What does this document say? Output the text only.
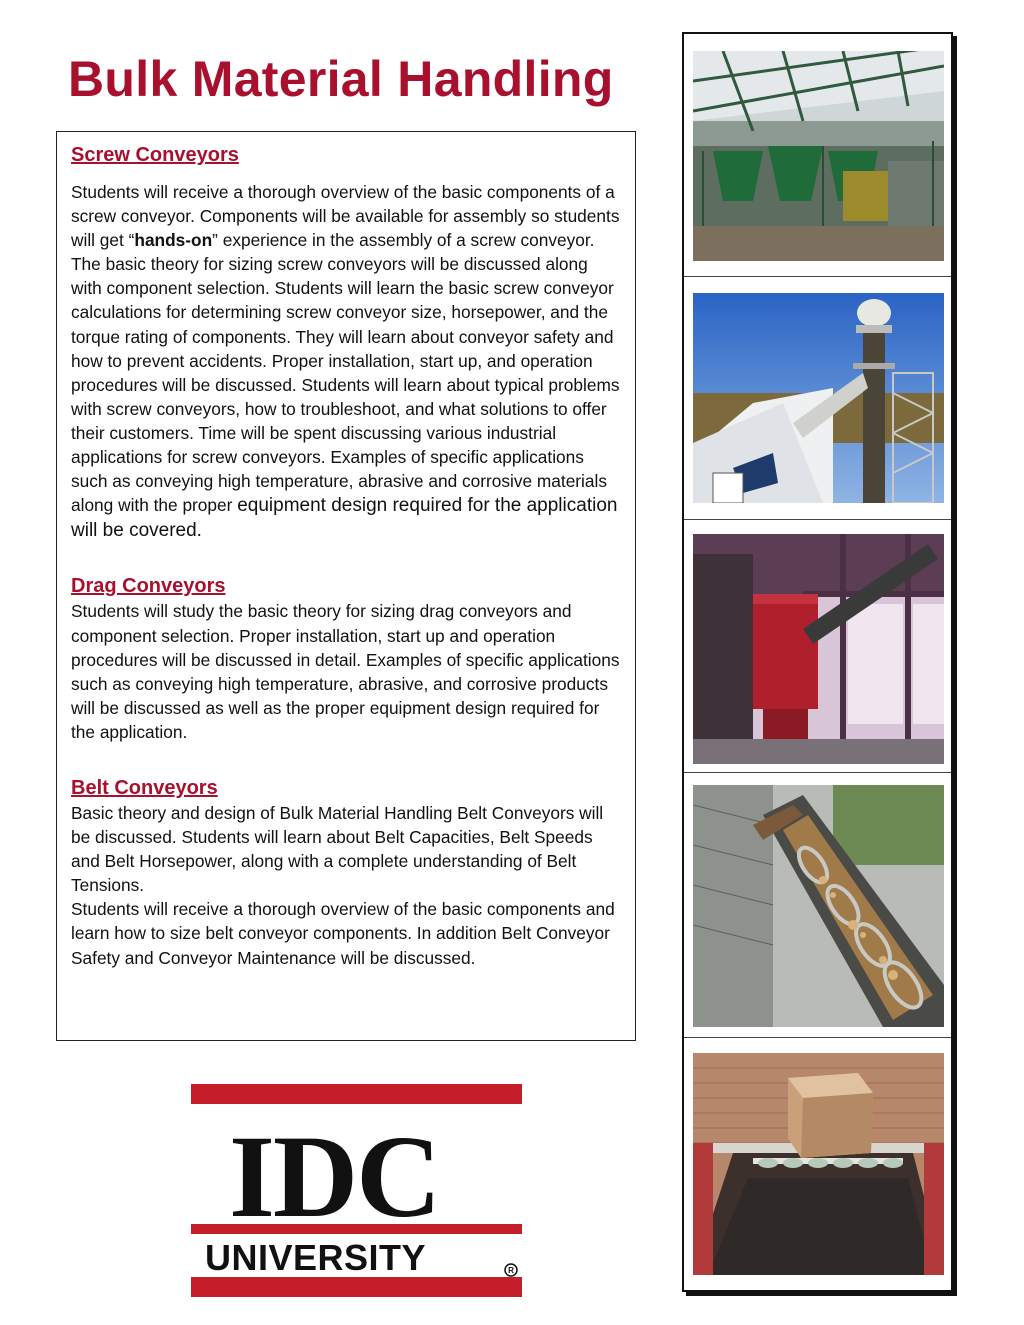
Bulk Material Handling
Screw Conveyors

Students will receive a thorough overview of the basic components of a screw conveyor. Components will be available for assembly so students will get “hands-on” experience in the assembly of a screw conveyor. The basic theory for sizing screw conveyors will be discussed along with component selection. Students will learn the basic screw conveyor calculations for determining screw conveyor size, horsepower, and the torque rating of components. They will learn about conveyor safety and how to prevent accidents. Proper installation, start up, and operation procedures will be discussed. Students will learn about typical problems with screw conveyors, how to troubleshoot, and what solutions to offer their customers. Time will be spent discussing various industrial applications for screw conveyors. Examples of specific applications such as conveying high temperature, abrasive and corrosive materials along with the proper equipment design required for the application will be covered.

Drag Conveyors

Students will study the basic theory for sizing drag conveyors and component selection. Proper installation, start up and operation procedures will be discussed in detail. Examples of specific applications such as conveying high temperature, abrasive, and corrosive products will be discussed as well as the proper equipment design required for the application.

Belt Conveyors

Basic theory and design of Bulk Material Handling Belt Conveyors will be discussed. Students will learn about Belt Capacities, Belt Speeds and Belt Horsepower, along with a complete understanding of Belt Tensions.

Students will receive a thorough overview of the basic components and learn how to size belt conveyor components. In addition Belt Conveyor Safety and Conveyor Maintenance will be discussed.

IDC
UNIVERSITY	R
